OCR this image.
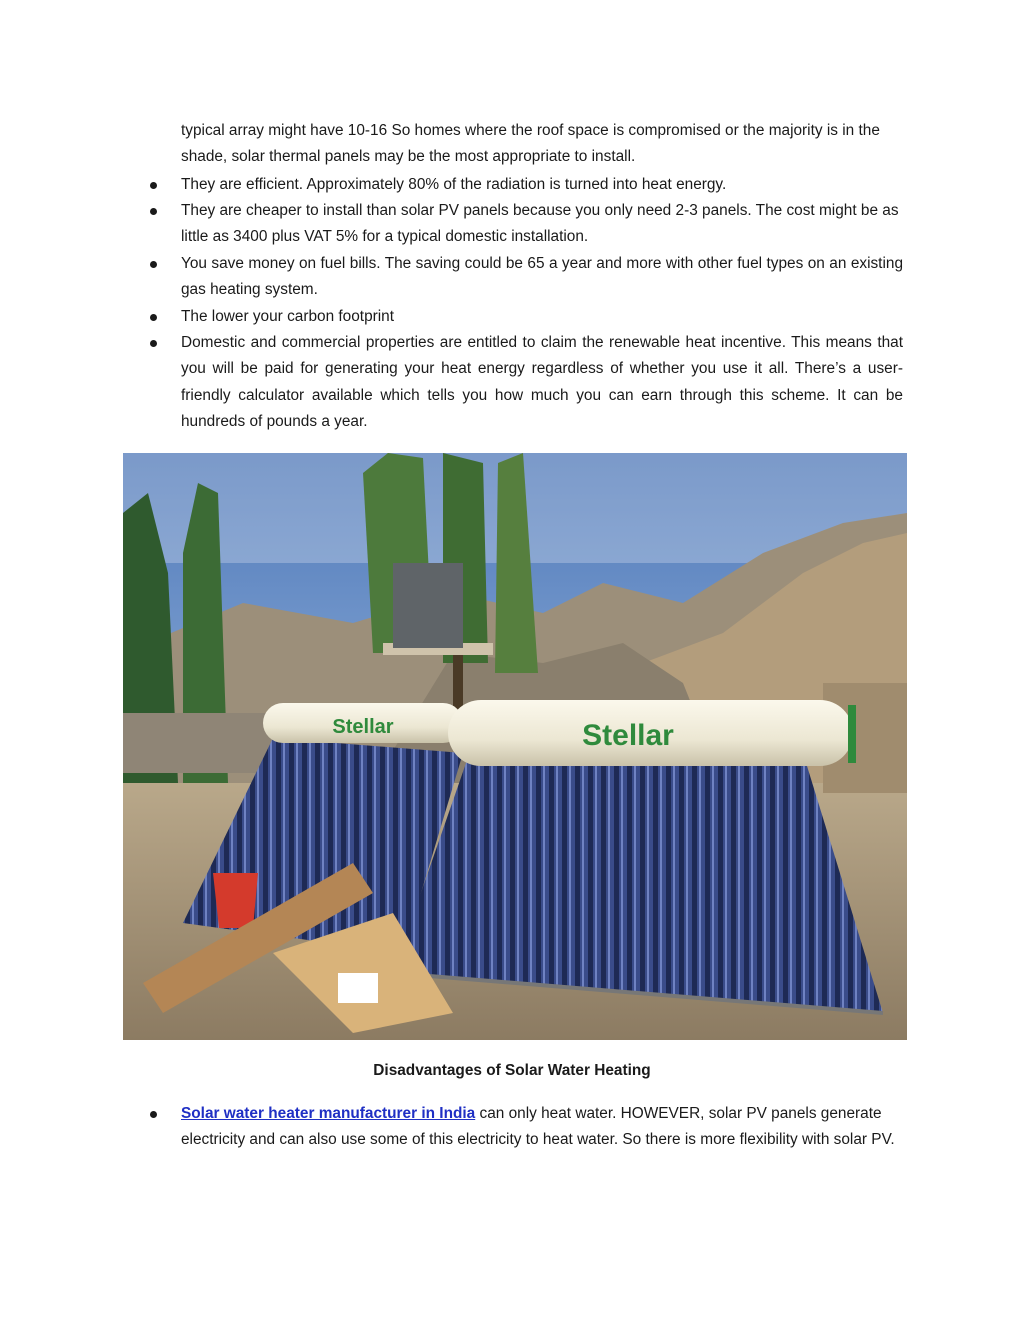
typical array might have 10-16 So homes where the roof space is compromised or the majority is in the shade, solar thermal panels may be the most appropriate to install.
They are efficient. Approximately 80% of the radiation is turned into heat energy.
They are cheaper to install than solar PV panels because you only need 2-3 panels. The cost might be as little as 3400 plus VAT 5% for a typical domestic installation.
You save money on fuel bills. The saving could be 65 a year and more with other fuel types on an existing gas heating system.
The lower your carbon footprint
Domestic and commercial properties are entitled to claim the renewable heat incentive. This means that you will be paid for generating your heat energy regardless of whether you use it all. There’s a user-friendly calculator available which tells you how much you can earn through this scheme. It can be hundreds of pounds a year.
Stellar	Stellar
Disadvantages of Solar Water Heating
Solar water heater manufacturer in India can only heat water. HOWEVER, solar PV panels generate electricity and can also use some of this electricity to heat water. So there is more flexibility with solar PV.
